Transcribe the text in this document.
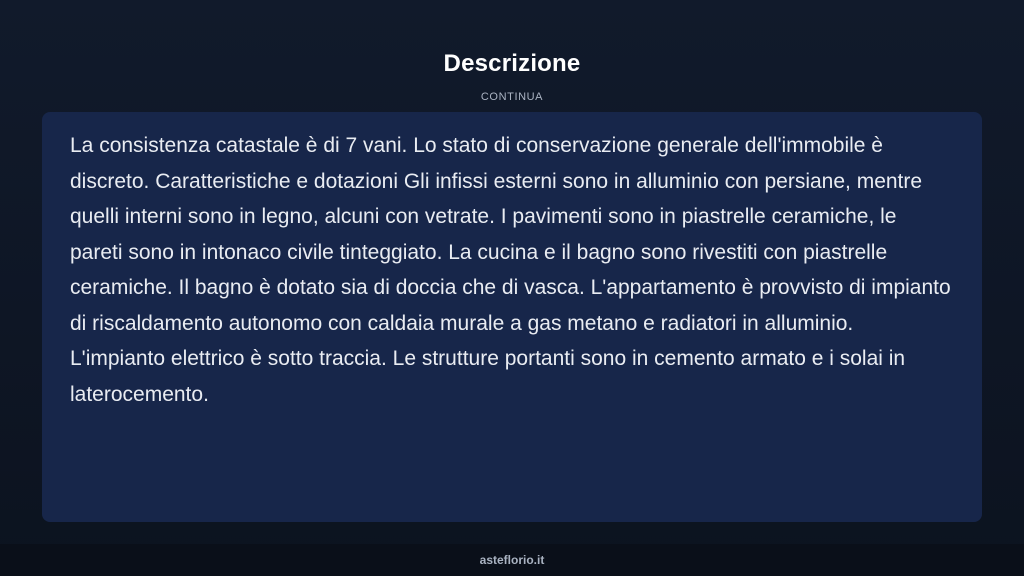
Descrizione
CONTINUA

La consistenza catastale è di 7 vani. Lo stato di conservazione generale dell'immobile è discreto. Caratteristiche e dotazioni Gli infissi esterni sono in alluminio con persiane, mentre quelli interni sono in legno, alcuni con vetrate. I pavimenti sono in piastrelle ceramiche, le pareti sono in intonaco civile tinteggiato. La cucina e il bagno sono rivestiti con piastrelle ceramiche. Il bagno è dotato sia di doccia che di vasca. L'appartamento è provvisto di impianto di riscaldamento autonomo con caldaia murale a gas metano e radiatori in alluminio. L'impianto elettrico è sotto traccia. Le strutture portanti sono in cemento armato e i solai in laterocemento.

asteflorio.it
